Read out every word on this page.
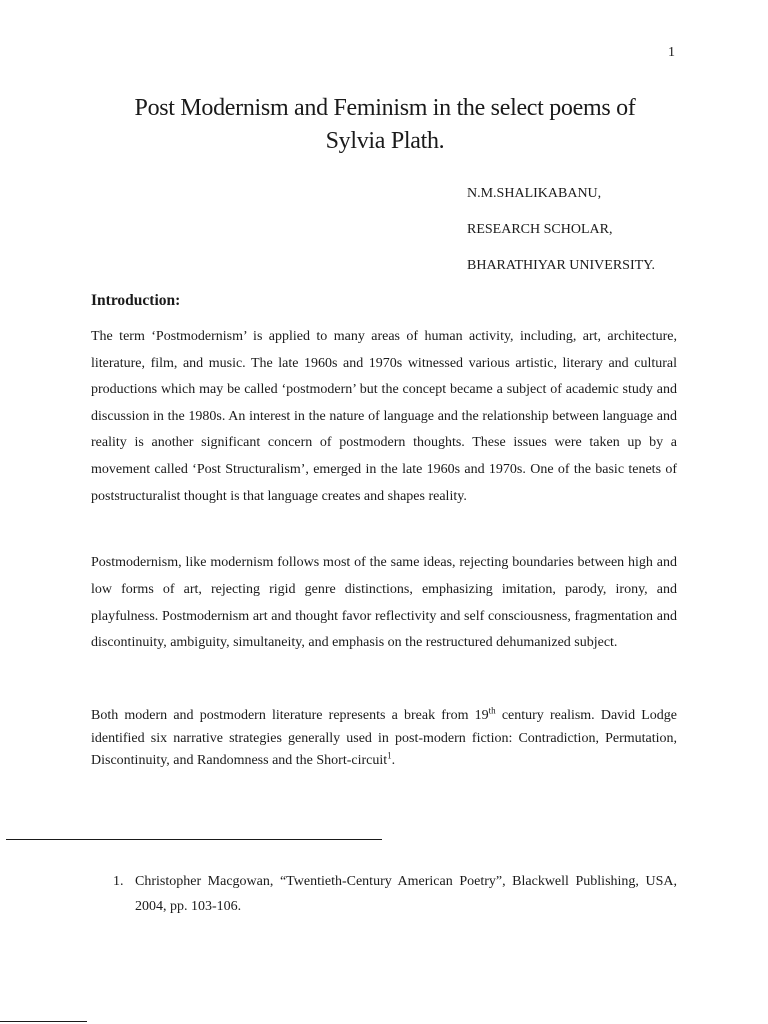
1
Post Modernism and Feminism in the select poems of
Sylvia Plath.
N.M.SHALIKABANU,
RESEARCH SCHOLAR,
BHARATHIYAR UNIVERSITY.
Introduction:

The term ‘Postmodernism’ is applied to many areas of human activity, including, art, architecture, literature, film, and music. The late 1960s and 1970s witnessed various artistic, literary and cultural productions which may be called ‘postmodern’ but the concept became a subject of academic study and discussion in the 1980s. An interest in the nature of language and the relationship between language and reality is another significant concern of postmodern thoughts. These issues were taken up by a movement called ‘Post Structuralism’, emerged in the late 1960s and 1970s. One of the basic tenets of poststructuralist thought is that language creates and shapes reality.

Postmodernism, like modernism follows most of the same ideas, rejecting boundaries between high and low forms of art, rejecting rigid genre distinctions, emphasizing imitation, parody, irony, and playfulness. Postmodernism art and thought favor reflectivity and self consciousness, fragmentation and discontinuity, ambiguity, simultaneity, and emphasis on the restructured dehumanized subject.

Both modern and postmodern literature represents a break from 19th century realism. David Lodge identified six narrative strategies generally used in post-modern fiction: Contradiction, Permutation, Discontinuity, and Randomness and the Short-circuit$^1$.

1. Christopher Macgowan, “Twentieth-Century American Poetry”, Blackwell Publishing, USA, 2004, pp. 103-106.
